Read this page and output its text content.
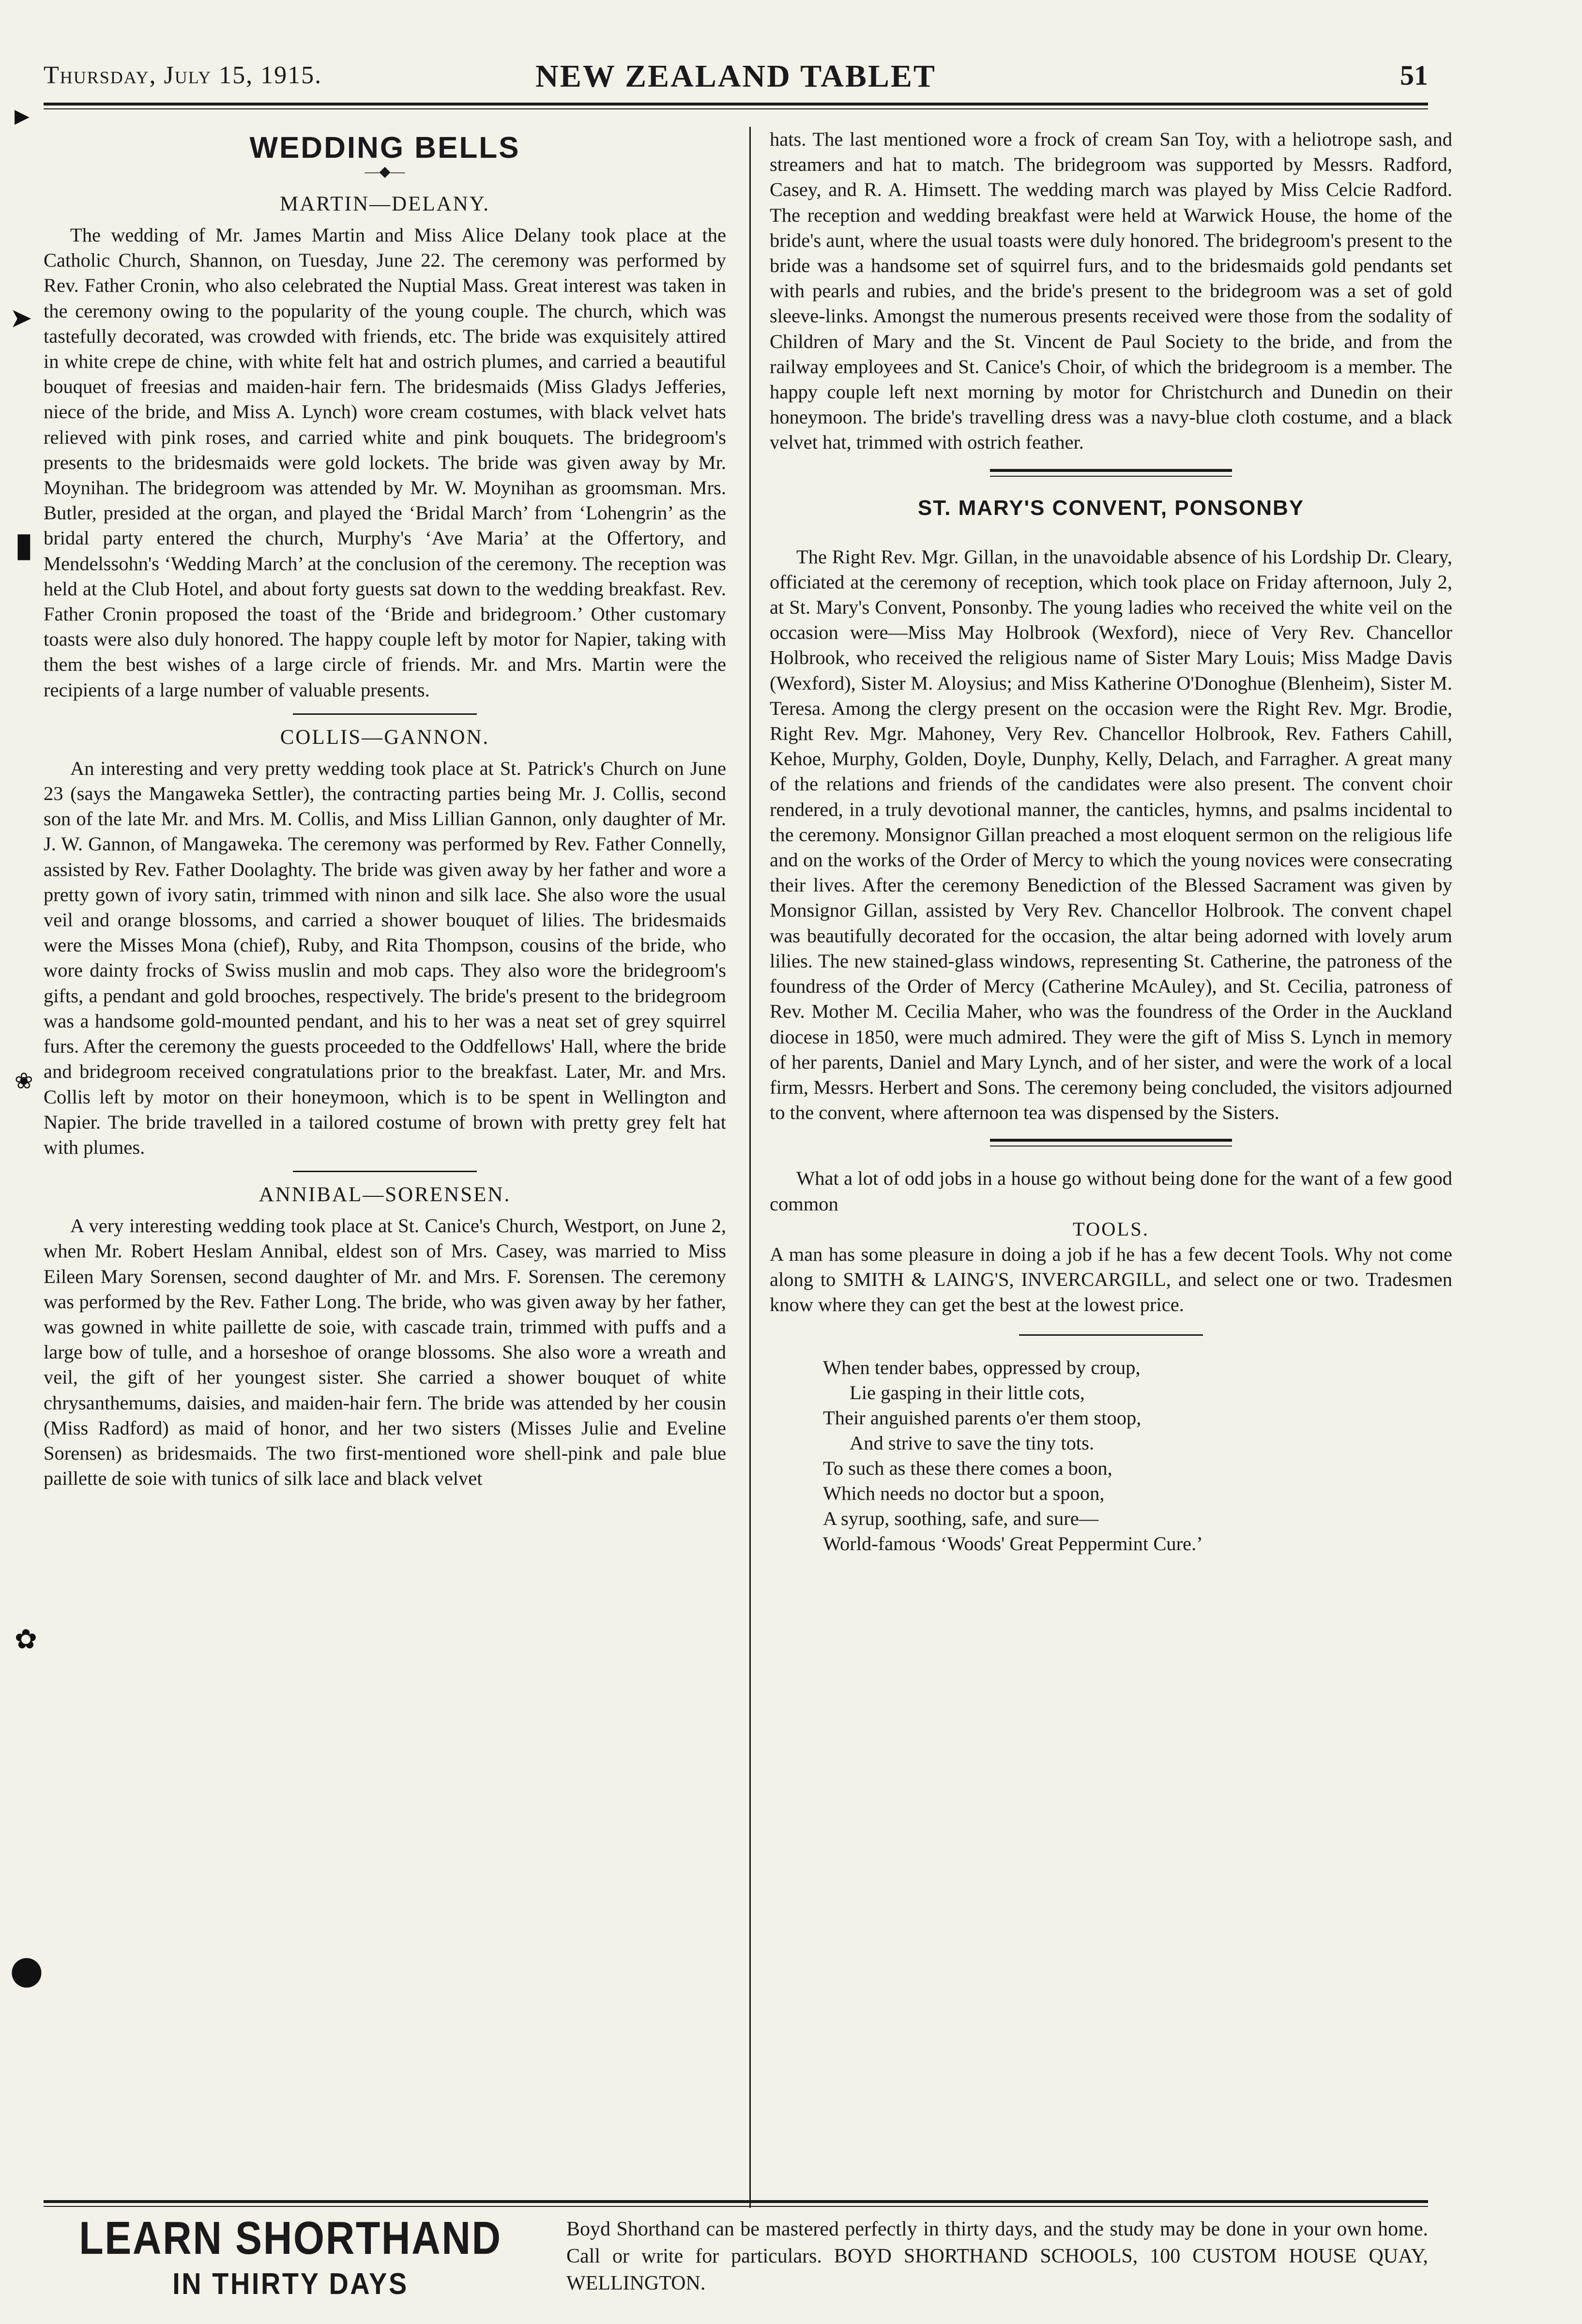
▶
➤
▮
❀
✿
●
Thursday, July 15, 1915.	NEW ZEALAND TABLET	51
WEDDING BELLS
—◆—
MARTIN—DELANY.

The wedding of Mr. James Martin and Miss Alice Delany took place at the Catholic Church, Shannon, on Tuesday, June 22. The ceremony was performed by Rev. Father Cronin, who also celebrated the Nuptial Mass. Great interest was taken in the ceremony owing to the popularity of the young couple. The church, which was tastefully decorated, was crowded with friends, etc. The bride was exquisitely attired in white crepe de chine, with white felt hat and ostrich plumes, and carried a beautiful bouquet of freesias and maiden-hair fern. The bridesmaids (Miss Gladys Jefferies, niece of the bride, and Miss A. Lynch) wore cream costumes, with black velvet hats relieved with pink roses, and carried white and pink bouquets. The bridegroom's presents to the bridesmaids were gold lockets. The bride was given away by Mr. Moynihan. The bridegroom was attended by Mr. W. Moynihan as groomsman. Mrs. Butler, presided at the organ, and played the ‘Bridal March’ from ‘Lohengrin’ as the bridal party entered the church, Murphy's ‘Ave Maria’ at the Offertory, and Mendelssohn's ‘Wedding March’ at the conclusion of the ceremony. The reception was held at the Club Hotel, and about forty guests sat down to the wedding breakfast. Rev. Father Cronin proposed the toast of the ‘Bride and bridegroom.’ Other customary toasts were also duly honored. The happy couple left by motor for Napier, taking with them the best wishes of a large circle of friends. Mr. and Mrs. Martin were the recipients of a large number of valuable presents.

COLLIS—GANNON.

An interesting and very pretty wedding took place at St. Patrick's Church on June 23 (says the Mangaweka Settler), the contracting parties being Mr. J. Collis, second son of the late Mr. and Mrs. M. Collis, and Miss Lillian Gannon, only daughter of Mr. J. W. Gannon, of Mangaweka. The ceremony was performed by Rev. Father Connelly, assisted by Rev. Father Doolaghty. The bride was given away by her father and wore a pretty gown of ivory satin, trimmed with ninon and silk lace. She also wore the usual veil and orange blossoms, and carried a shower bouquet of lilies. The bridesmaids were the Misses Mona (chief), Ruby, and Rita Thompson, cousins of the bride, who wore dainty frocks of Swiss muslin and mob caps. They also wore the bridegroom's gifts, a pendant and gold brooches, respectively. The bride's present to the bridegroom was a handsome gold-mounted pendant, and his to her was a neat set of grey squirrel furs. After the ceremony the guests proceeded to the Oddfellows' Hall, where the bride and bridegroom received congratulations prior to the breakfast. Later, Mr. and Mrs. Collis left by motor on their honeymoon, which is to be spent in Wellington and Napier. The bride travelled in a tailored costume of brown with pretty grey felt hat with plumes.

ANNIBAL—SORENSEN.

A very interesting wedding took place at St. Canice's Church, Westport, on June 2, when Mr. Robert Heslam Annibal, eldest son of Mrs. Casey, was married to Miss Eileen Mary Sorensen, second daughter of Mr. and Mrs. F. Sorensen. The ceremony was performed by the Rev. Father Long. The bride, who was given away by her father, was gowned in white paillette de soie, with cascade train, trimmed with puffs and a large bow of tulle, and a horseshoe of orange blossoms. She also wore a wreath and veil, the gift of her youngest sister. She carried a shower bouquet of white chrysanthemums, daisies, and maiden-hair fern. The bride was attended by her cousin (Miss Radford) as maid of honor, and her two sisters (Misses Julie and Eveline Sorensen) as bridesmaids. The two first-mentioned wore shell-pink and pale blue paillette de soie with tunics of silk lace and black velvet

hats. The last mentioned wore a frock of cream San Toy, with a heliotrope sash, and streamers and hat to match. The bridegroom was supported by Messrs. Radford, Casey, and R. A. Himsett. The wedding march was played by Miss Celcie Radford. The reception and wedding breakfast were held at Warwick House, the home of the bride's aunt, where the usual toasts were duly honored. The bridegroom's present to the bride was a handsome set of squirrel furs, and to the bridesmaids gold pendants set with pearls and rubies, and the bride's present to the bridegroom was a set of gold sleeve-links. Amongst the numerous presents received were those from the sodality of Children of Mary and the St. Vincent de Paul Society to the bride, and from the railway employees and St. Canice's Choir, of which the bridegroom is a member. The happy couple left next morning by motor for Christchurch and Dunedin on their honeymoon. The bride's travelling dress was a navy-blue cloth costume, and a black velvet hat, trimmed with ostrich feather.

ST. MARY'S CONVENT, PONSONBY

The Right Rev. Mgr. Gillan, in the unavoidable absence of his Lordship Dr. Cleary, officiated at the ceremony of reception, which took place on Friday afternoon, July 2, at St. Mary's Convent, Ponsonby. The young ladies who received the white veil on the occasion were—Miss May Holbrook (Wexford), niece of Very Rev. Chancellor Holbrook, who received the religious name of Sister Mary Louis; Miss Madge Davis (Wexford), Sister M. Aloysius; and Miss Katherine O'Donoghue (Blenheim), Sister M. Teresa. Among the clergy present on the occasion were the Right Rev. Mgr. Brodie, Right Rev. Mgr. Mahoney, Very Rev. Chancellor Holbrook, Rev. Fathers Cahill, Kehoe, Murphy, Golden, Doyle, Dunphy, Kelly, Delach, and Farragher. A great many of the relations and friends of the candidates were also present. The convent choir rendered, in a truly devotional manner, the canticles, hymns, and psalms incidental to the ceremony. Monsignor Gillan preached a most eloquent sermon on the religious life and on the works of the Order of Mercy to which the young novices were consecrating their lives. After the ceremony Benediction of the Blessed Sacrament was given by Monsignor Gillan, assisted by Very Rev. Chancellor Holbrook. The convent chapel was beautifully decorated for the occasion, the altar being adorned with lovely arum lilies. The new stained-glass windows, representing St. Catherine, the patroness of the foundress of the Order of Mercy (Catherine McAuley), and St. Cecilia, patroness of Rev. Mother M. Cecilia Maher, who was the foundress of the Order in the Auckland diocese in 1850, were much admired. They were the gift of Miss S. Lynch in memory of her parents, Daniel and Mary Lynch, and of her sister, and were the work of a local firm, Messrs. Herbert and Sons. The ceremony being concluded, the visitors adjourned to the convent, where afternoon tea was dispensed by the Sisters.

What a lot of odd jobs in a house go without being done for the want of a few good common

TOOLS.

A man has some pleasure in doing a job if he has a few decent Tools. Why not come along to SMITH & LAING'S, INVERCARGILL, and select one or two. Tradesmen know where they can get the best at the lowest price.

When tender babes, oppressed by croup,
Lie gasping in their little cots,
Their anguished parents o'er them stoop,
And strive to save the tiny tots.
To such as these there comes a boon,
Which needs no doctor but a spoon,
A syrup, soothing, safe, and sure—
World-famous ‘Woods' Great Peppermint Cure.’
LEARN SHORTHAND
IN THIRTY DAYS
Boyd Shorthand can be mastered perfectly in thirty days, and the study may be done in your own home. Call or write for particulars. BOYD SHORTHAND SCHOOLS, 100 CUSTOM HOUSE QUAY, WELLINGTON.
